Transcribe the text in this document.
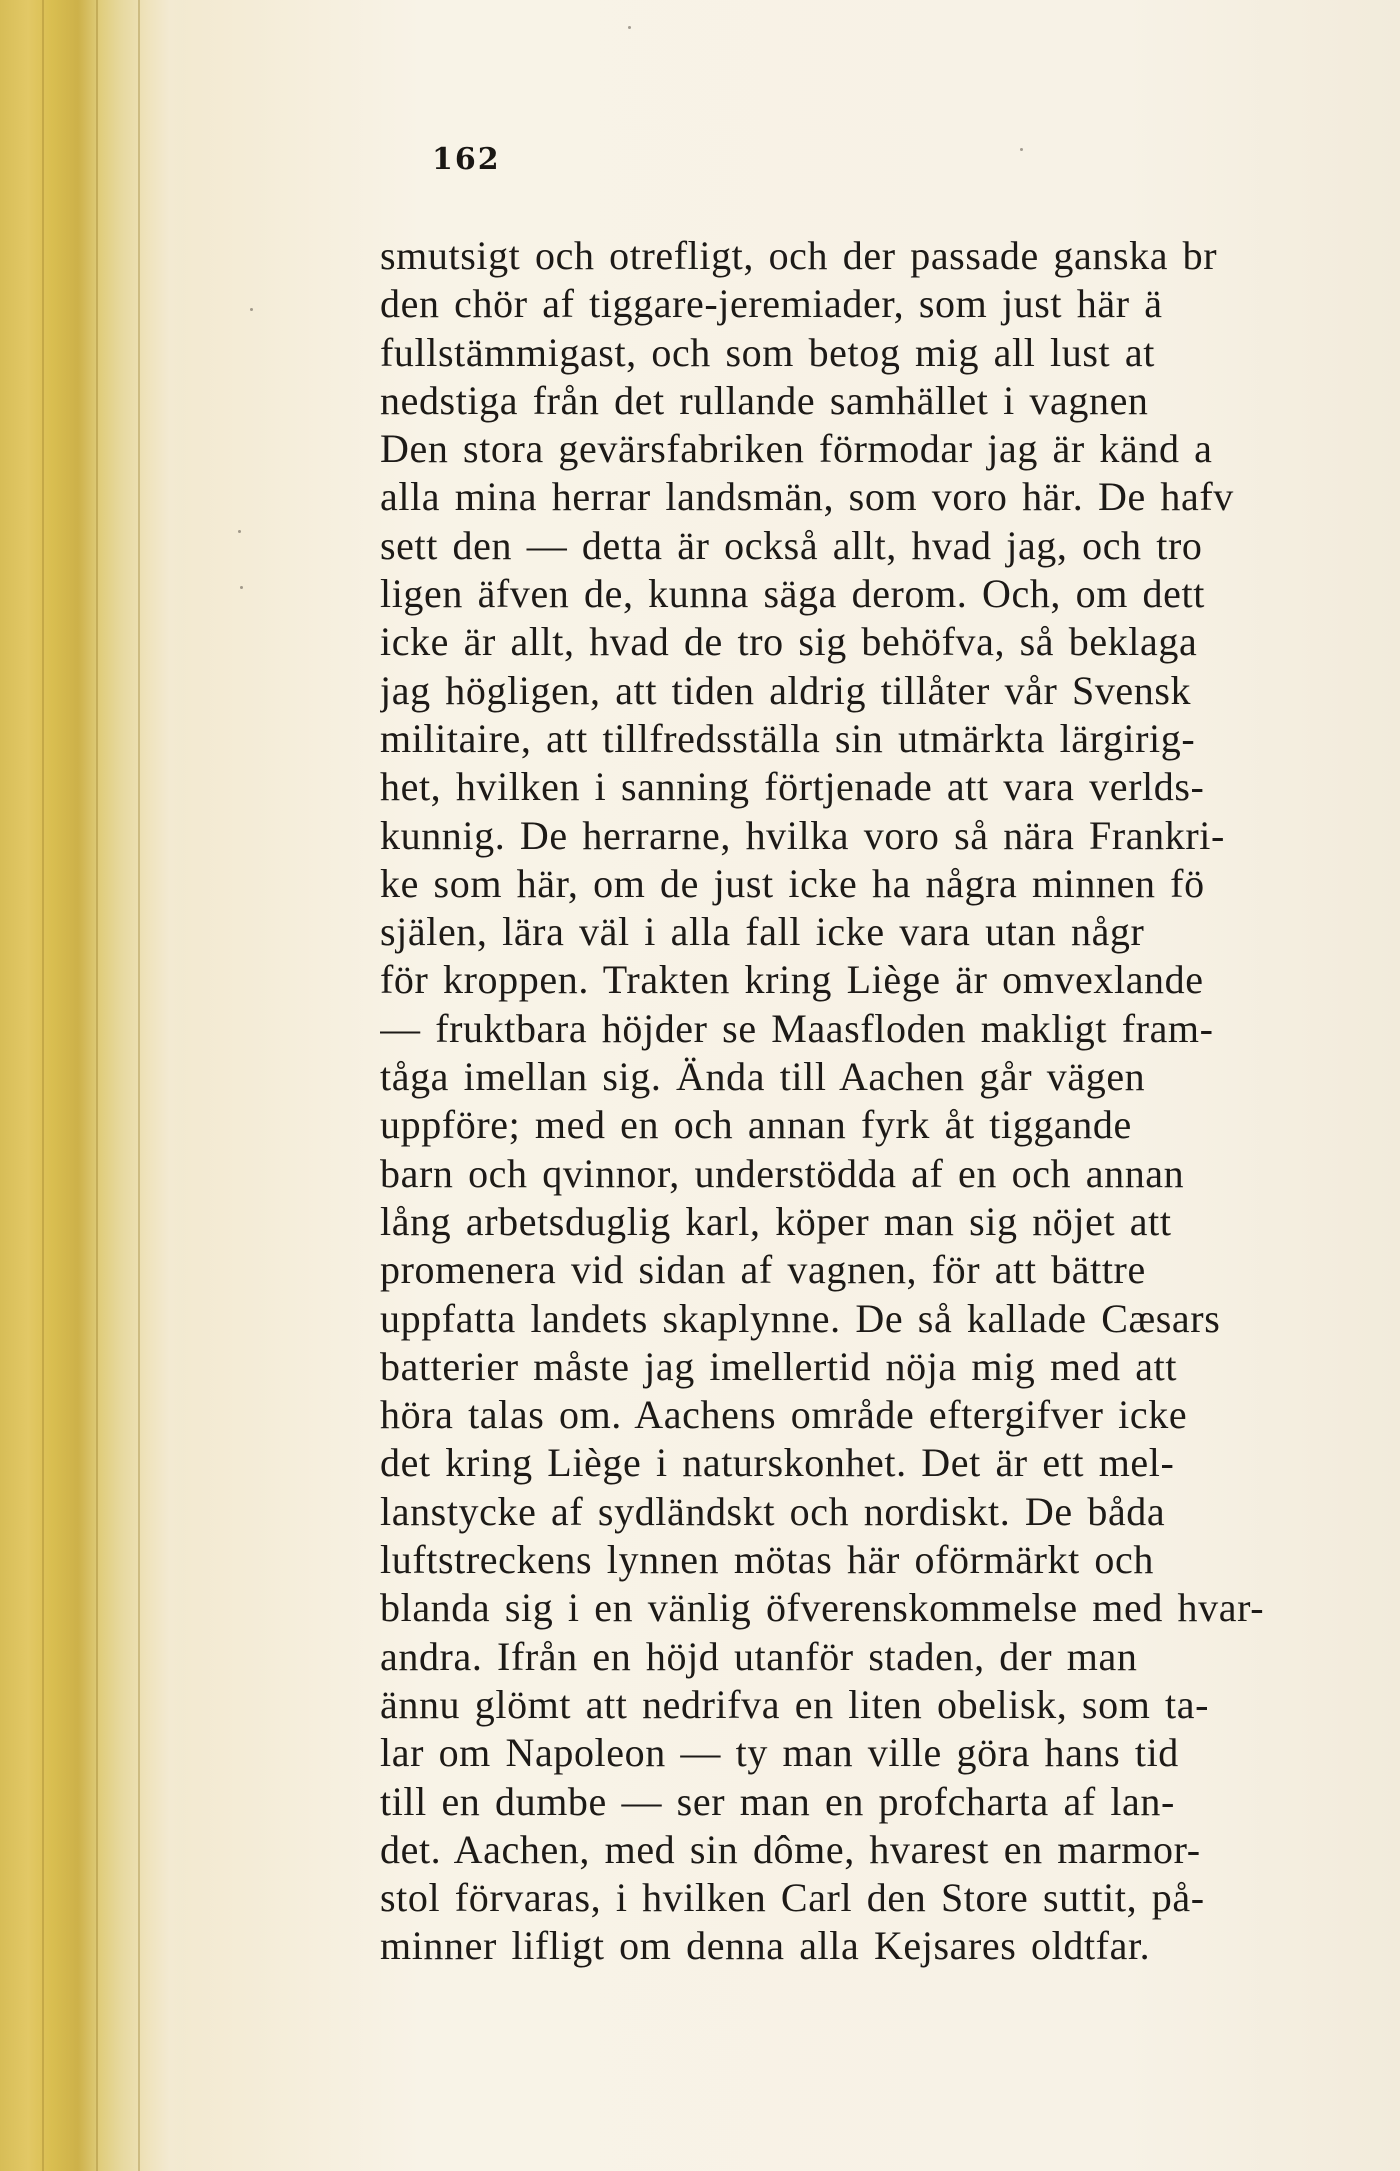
162
smutsigt och otrefligt, och der passade ganska br
den chör af tiggare-jeremiader, som just här ä
fullstämmigast, och som betog mig all lust at
nedstiga från det rullande samhället i vagnen
Den stora gevärsfabriken förmodar jag är känd a
alla mina herrar landsmän, som voro här. De hafv
sett den — detta är också allt, hvad jag, och tro
ligen äfven de, kunna säga derom. Och, om dett
icke är allt, hvad de tro sig behöfva, så beklaga
jag högligen, att tiden aldrig tillåter vår Svensk
militaire, att tillfredsställa sin utmärkta lärgirig-
het, hvilken i sanning förtjenade att vara verlds-
kunnig. De herrarne, hvilka voro så nära Frankri-
ke som här, om de just icke ha några minnen fö
själen, lära väl i alla fall icke vara utan någr
för kroppen. Trakten kring Liège är omvexlande
— fruktbara höjder se Maasfloden makligt fram-
tåga imellan sig. Ända till Aachen går vägen
uppföre; med en och annan fyrk åt tiggande
barn och qvinnor, understödda af en och annan
lång arbetsduglig karl, köper man sig nöjet att
promenera vid sidan af vagnen, för att bättre
uppfatta landets skaplynne. De så kallade Cæsars
batterier måste jag imellertid nöja mig med att
höra talas om. Aachens område eftergifver icke
det kring Liège i naturskonhet. Det är ett mel-
lanstycke af sydländskt och nordiskt. De båda
luftstreckens lynnen mötas här oförmärkt och
blanda sig i en vänlig öfverenskommelse med hvar-
andra. Ifrån en höjd utanför staden, der man
ännu glömt att nedrifva en liten obelisk, som ta-
lar om Napoleon — ty man ville göra hans tid
till en dumbe — ser man en profcharta af lan-
det. Aachen, med sin dôme, hvarest en marmor-
stol förvaras, i hvilken Carl den Store suttit, på-
minner lifligt om denna alla Kejsares oldtfar.
